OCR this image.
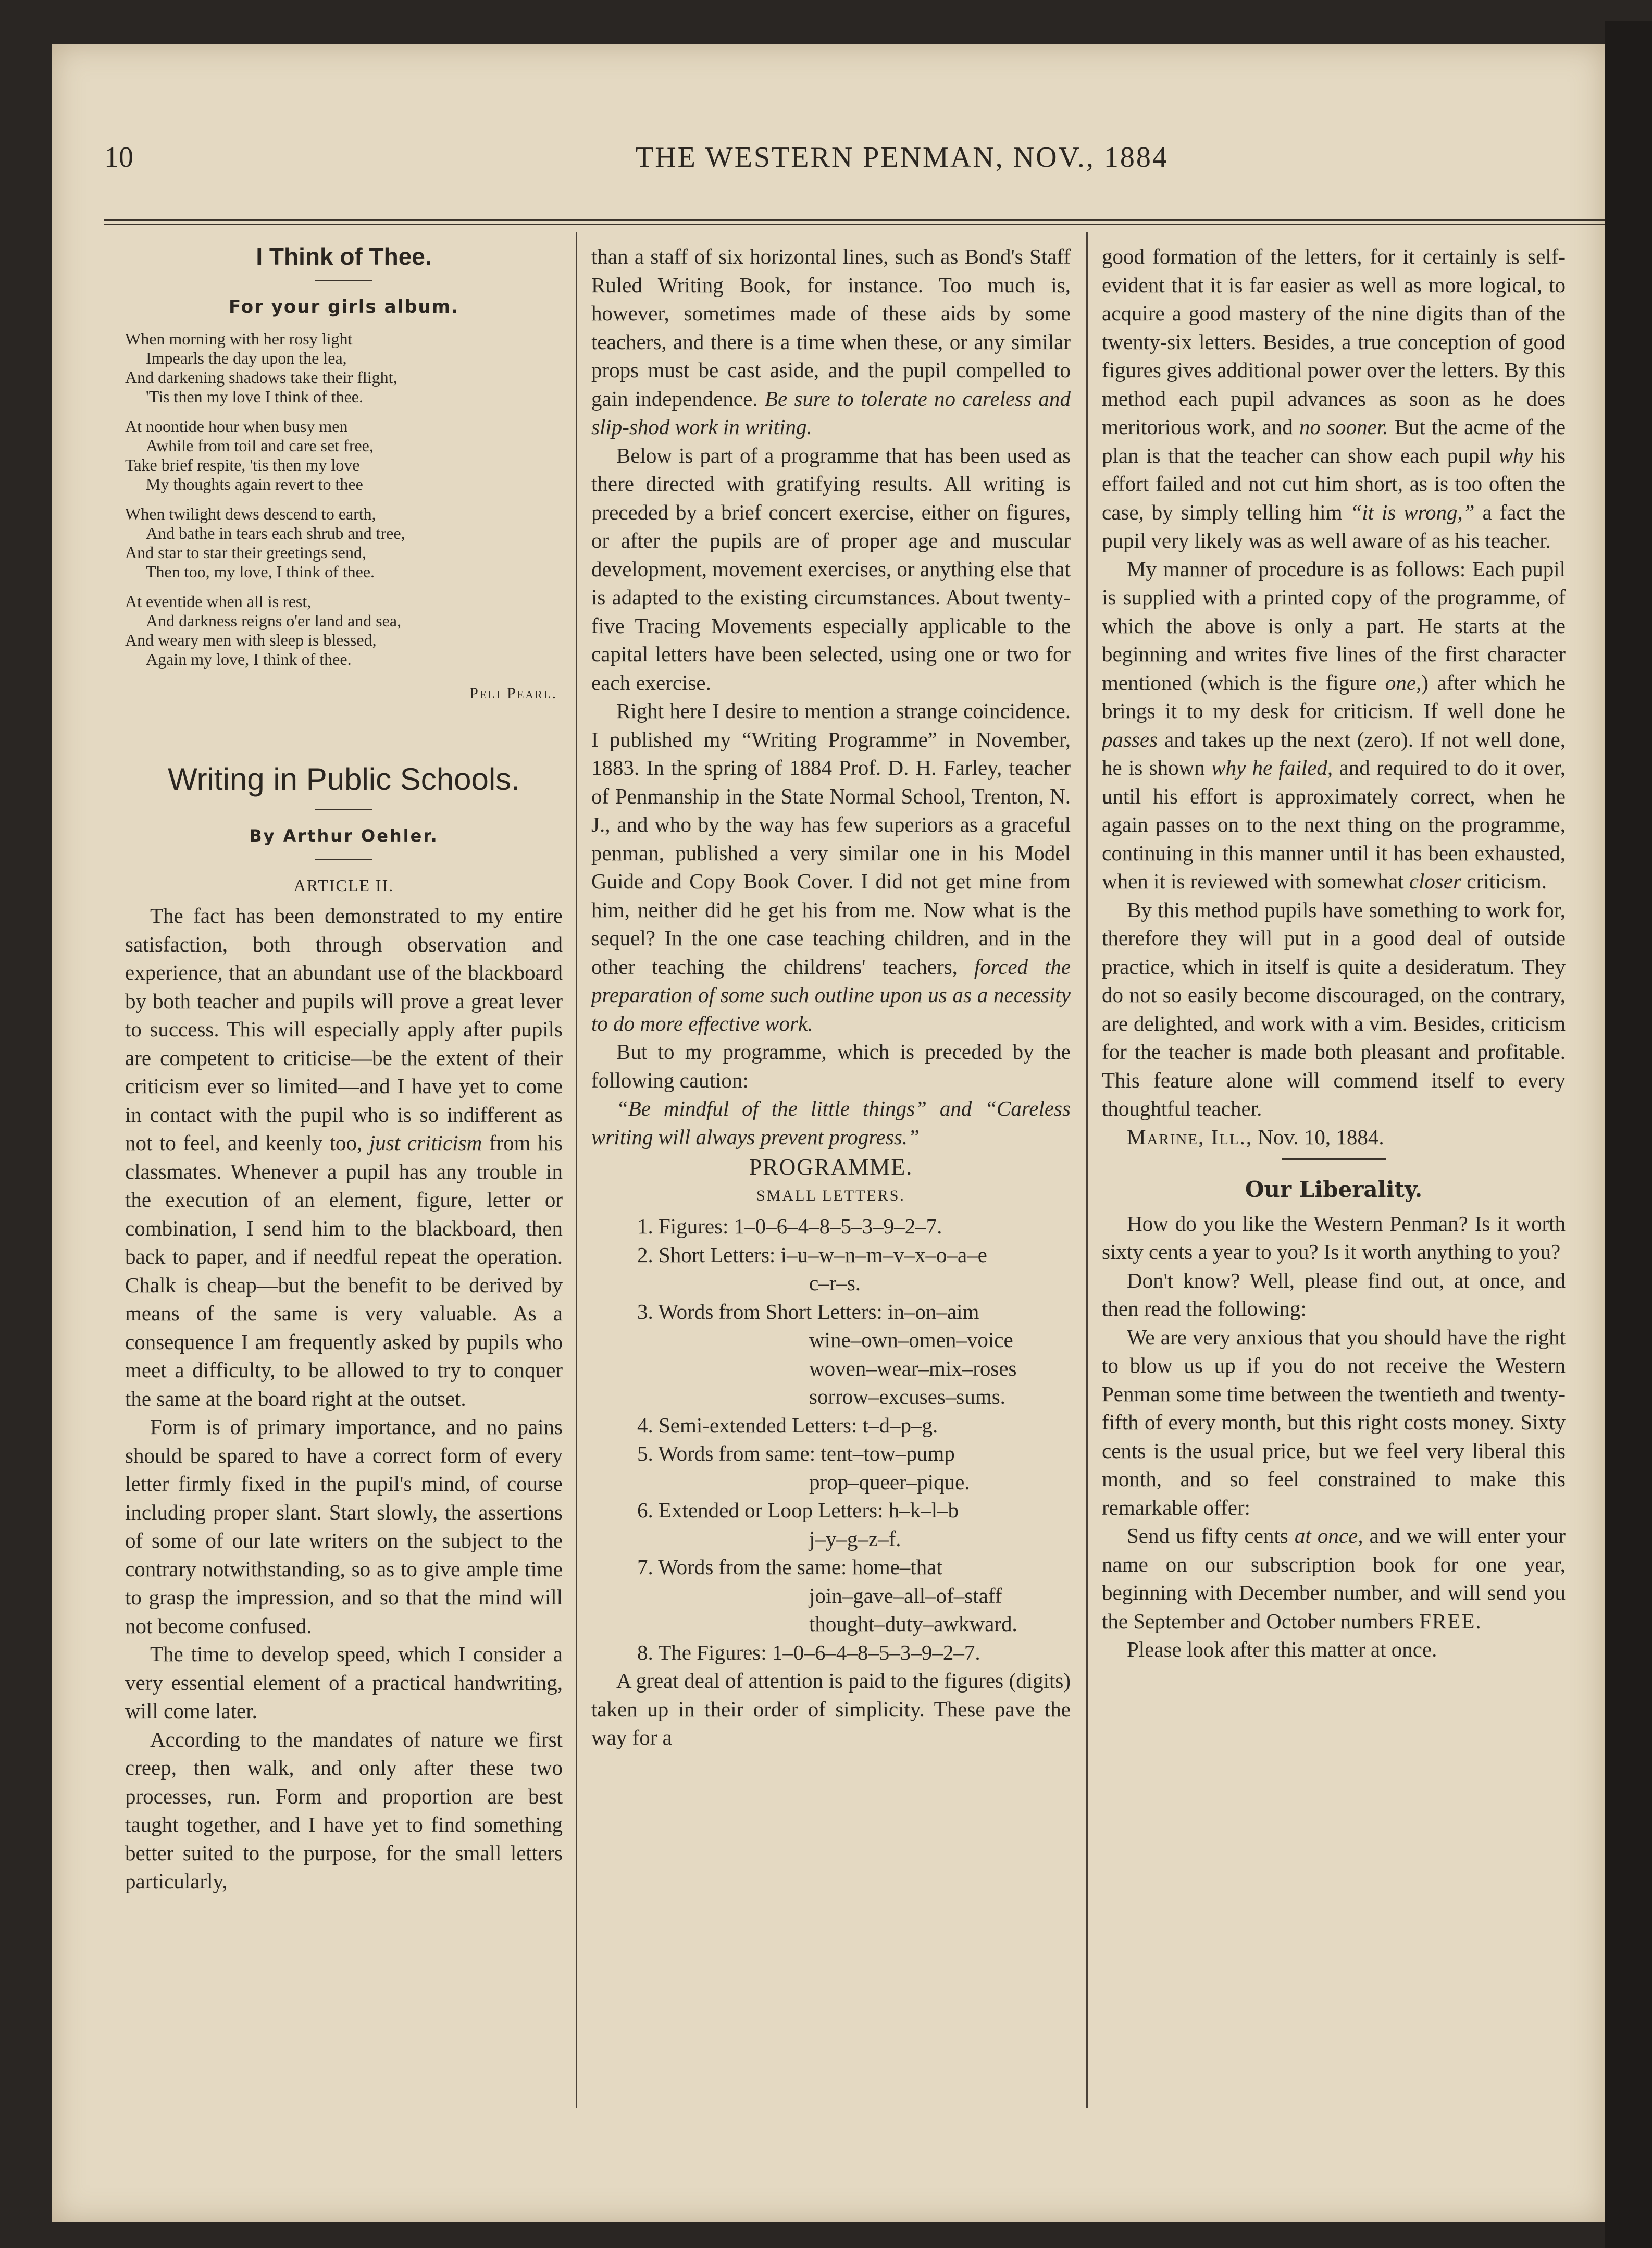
10	THE WESTERN PENMAN, NOV., 1884
I Think of Thee.
For your girls album.
When morning with her rosy light
Impearls the day upon the lea,
And darkening shadows take their flight,
'Tis then my love I think of thee.
At noontide hour when busy men
Awhile from toil and care set free,
Take brief respite, 'tis then my love
My thoughts again revert to thee
When twilight dews descend to earth,
And bathe in tears each shrub and tree,
And star to star their greetings send,
Then too, my love, I think of thee.
At eventide when all is rest,
And darkness reigns o'er land and sea,
And weary men with sleep is blessed,
Again my love, I think of thee.
Peli Pearl.
Writing in Public Schools.
By Arthur Oehler.
ARTICLE II.

The fact has been demonstrated to my entire satisfaction, both through observation and experience, that an abundant use of the blackboard by both teacher and pupils will prove a great lever to success. This will especially apply after pupils are competent to criticise—be the extent of their criticism ever so limited—and I have yet to come in contact with the pupil who is so indifferent as not to feel, and keenly too, just criticism from his classmates. Whenever a pupil has any trouble in the execution of an element, figure, letter or combination, I send him to the blackboard, then back to paper, and if needful repeat the operation. Chalk is cheap—but the benefit to be derived by means of the same is very valuable. As a consequence I am frequently asked by pupils who meet a difficulty, to be allowed to try to conquer the same at the board right at the outset.

Form is of primary importance, and no pains should be spared to have a correct form of every letter firmly fixed in the pupil's mind, of course including proper slant. Start slowly, the assertions of some of our late writers on the subject to the contrary notwithstanding, so as to give ample time to grasp the impression, and so that the mind will not become confused.

The time to develop speed, which I consider a very essential element of a practical handwriting, will come later.

According to the mandates of nature we first creep, then walk, and only after these two processes, run. Form and proportion are best taught together, and I have yet to find something better suited to the purpose, for the small letters particularly,

than a staff of six horizontal lines, such as Bond's Staff Ruled Writing Book, for instance. Too much is, however, sometimes made of these aids by some teachers, and there is a time when these, or any similar props must be cast aside, and the pupil compelled to gain independence. Be sure to tolerate no careless and slip-shod work in writing.

Below is part of a programme that has been used as there directed with gratifying results. All writing is preceded by a brief concert exercise, either on figures, or after the pupils are of proper age and muscular development, movement exercises, or anything else that is adapted to the existing circumstances. About twenty-five Tracing Movements especially applicable to the capital letters have been selected, using one or two for each exercise.

Right here I desire to mention a strange coincidence. I published my “Writing Programme” in November, 1883. In the spring of 1884 Prof. D. H. Farley, teacher of Penmanship in the State Normal School, Trenton, N. J., and who by the way has few superiors as a graceful penman, published a very similar one in his Model Guide and Copy Book Cover. I did not get mine from him, neither did he get his from me. Now what is the sequel? In the one case teaching children, and in the other teaching the childrens' teachers, forced the preparation of some such outline upon us as a necessity to do more effective work.

But to my programme, which is preceded by the following caution:

“Be mindful of the little things” and “Careless writing will always prevent progress.”

PROGRAMME.
SMALL LETTERS.

1. Figures: 1–0–6–4–8–5–3–9–2–7.

2. Short Letters: i–u–w–n–m–v–x–o–a–e

c–r–s.

3. Words from Short Letters: in–on–aim

wine–own–omen–voice

woven–wear–mix–roses

sorrow–excuses–sums.

4. Semi-extended Letters: t–d–p–g.

5. Words from same: tent–tow–pump

prop–queer–pique.

6. Extended or Loop Letters: h–k–l–b

j–y–g–z–f.

7. Words from the same: home–that

join–gave–all–of–staff

thought–duty–awkward.

8. The Figures: 1–0–6–4–8–5–3–9–2–7.

A great deal of attention is paid to the figures (digits) taken up in their order of simplicity. These pave the way for a

good formation of the letters, for it certainly is self-evident that it is far easier as well as more logical, to acquire a good mastery of the nine digits than of the twenty-six letters. Besides, a true conception of good figures gives additional power over the letters. By this method each pupil advances as soon as he does meritorious work, and no sooner. But the acme of the plan is that the teacher can show each pupil why his effort failed and not cut him short, as is too often the case, by simply telling him “it is wrong,” a fact the pupil very likely was as well aware of as his teacher.

My manner of procedure is as follows: Each pupil is supplied with a printed copy of the programme, of which the above is only a part. He starts at the beginning and writes five lines of the first character mentioned (which is the figure one,) after which he brings it to my desk for criticism. If well done he passes and takes up the next (zero). If not well done, he is shown why he failed, and required to do it over, until his effort is approximately correct, when he again passes on to the next thing on the programme, continuing in this manner until it has been exhausted, when it is reviewed with somewhat closer criticism.

By this method pupils have something to work for, therefore they will put in a good deal of outside practice, which in itself is quite a desideratum. They do not so easily become discouraged, on the contrary, are delighted, and work with a vim. Besides, criticism for the teacher is made both pleasant and profitable. This feature alone will commend itself to every thoughtful teacher.

Marine, Ill., Nov. 10, 1884.

Our Liberality.

How do you like the Western Penman? Is it worth sixty cents a year to you? Is it worth anything to you?

Don't know? Well, please find out, at once, and then read the following:

We are very anxious that you should have the right to blow us up if you do not receive the Western Penman some time between the twentieth and twenty-fifth of every month, but this right costs money. Sixty cents is the usual price, but we feel very liberal this month, and so feel constrained to make this remarkable offer:

Send us fifty cents at once, and we will enter your name on our subscription book for one year, beginning with December number, and will send you the September and October numbers FREE.

Please look after this matter at once.
